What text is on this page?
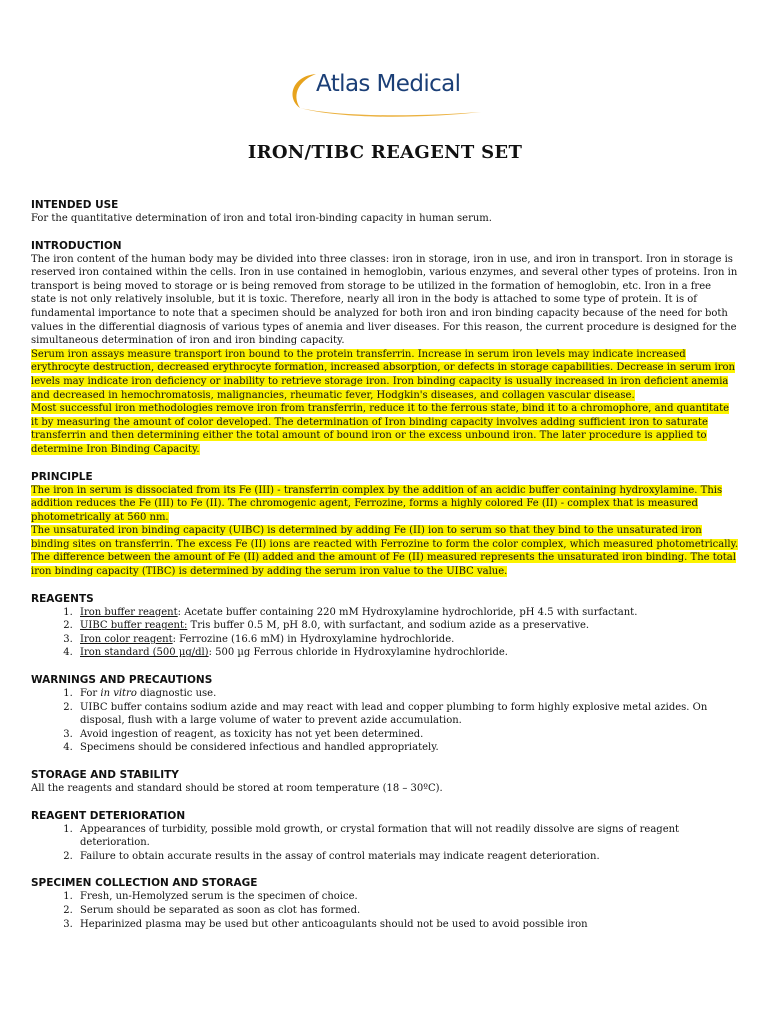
Atlas Medical
IRON/TIBC REAGENT SET
INTENDED USE

For the quantitative determination of iron and total iron-binding capacity in human serum.

INTRODUCTION

The iron content of the human body may be divided into three classes: iron in storage, iron in use, and iron in transport. Iron in storage is reserved iron contained within the cells. Iron in use contained in hemoglobin, various enzymes, and several other types of proteins. Iron in transport is being moved to storage or is being removed from storage to be utilized in the formation of hemoglobin, etc. Iron in a free state is not only relatively insoluble, but it is toxic. Therefore, nearly all iron in the body is attached to some type of protein. It is of fundamental importance to note that a specimen should be analyzed for both iron and iron binding capacity because of the need for both values in the differential diagnosis of various types of anemia and liver diseases. For this reason, the current procedure is designed for the simultaneous determination of iron and iron binding capacity.

Serum iron assays measure transport iron bound to the protein transferrin. Increase in serum iron levels may indicate increased erythrocyte destruction, decreased erythrocyte formation, increased absorption, or defects in storage capabilities. Decrease in serum iron levels may indicate iron deficiency or inability to retrieve storage iron. Iron binding capacity is usually increased in iron deficient anemia and decreased in hemochromatosis, malignancies, rheumatic fever, Hodgkin's diseases, and collagen vascular disease.

Most successful iron methodologies remove iron from transferrin, reduce it to the ferrous state, bind it to a chromophore, and quantitate it by measuring the amount of color developed. The determination of Iron binding capacity involves adding sufficient iron to saturate transferrin and then determining either the total amount of bound iron or the excess unbound iron. The later procedure is applied to determine Iron Binding Capacity.

PRINCIPLE

The iron in serum is dissociated from its Fe (III) - transferrin complex by the addition of an acidic buffer containing hydroxylamine. This addition reduces the Fe (III) to Fe (II). The chromogenic agent, Ferrozine, forms a highly colored Fe (II) - complex that is measured photometrically at 560 nm.

The unsaturated iron binding capacity (UIBC) is determined by adding Fe (II) ion to serum so that they bind to the unsaturated iron binding sites on transferrin. The excess Fe (II) ions are reacted with Ferrozine to form the color complex, which measured photometrically. The difference between the amount of Fe (II) added and the amount of Fe (II) measured represents the unsaturated iron binding. The total iron binding capacity (TIBC) is determined by adding the serum iron value to the UIBC value.

REAGENTS
1. Iron buffer reagent: Acetate buffer containing 220 mM Hydroxylamine hydrochloride, pH 4.5 with surfactant.
2. UIBC buffer reagent: Tris buffer 0.5 M, pH 8.0, with surfactant, and sodium azide as a preservative.
3. Iron color reagent: Ferrozine (16.6 mM) in Hydroxylamine hydrochloride.
4. Iron standard (500 µg/dl): 500 µg Ferrous chloride in Hydroxylamine hydrochloride.
WARNINGS AND PRECAUTIONS
1. For in vitro diagnostic use.
2. UIBC buffer contains sodium azide and may react with lead and copper plumbing to form highly explosive metal azides. On disposal, flush with a large volume of water to prevent azide accumulation.
3. Avoid ingestion of reagent, as toxicity has not yet been determined.
4. Specimens should be considered infectious and handled appropriately.
STORAGE AND STABILITY

All the reagents and standard should be stored at room temperature (18 – 30ºC).

REAGENT DETERIORATION
1. Appearances of turbidity, possible mold growth, or crystal formation that will not readily dissolve are signs of reagent deterioration.
2. Failure to obtain accurate results in the assay of control materials may indicate reagent deterioration.
SPECIMEN COLLECTION AND STORAGE
1. Fresh, un-Hemolyzed serum is the specimen of choice.
2. Serum should be separated as soon as clot has formed.
3. Heparinized plasma may be used but other anticoagulants should not be used to avoid possible iron
